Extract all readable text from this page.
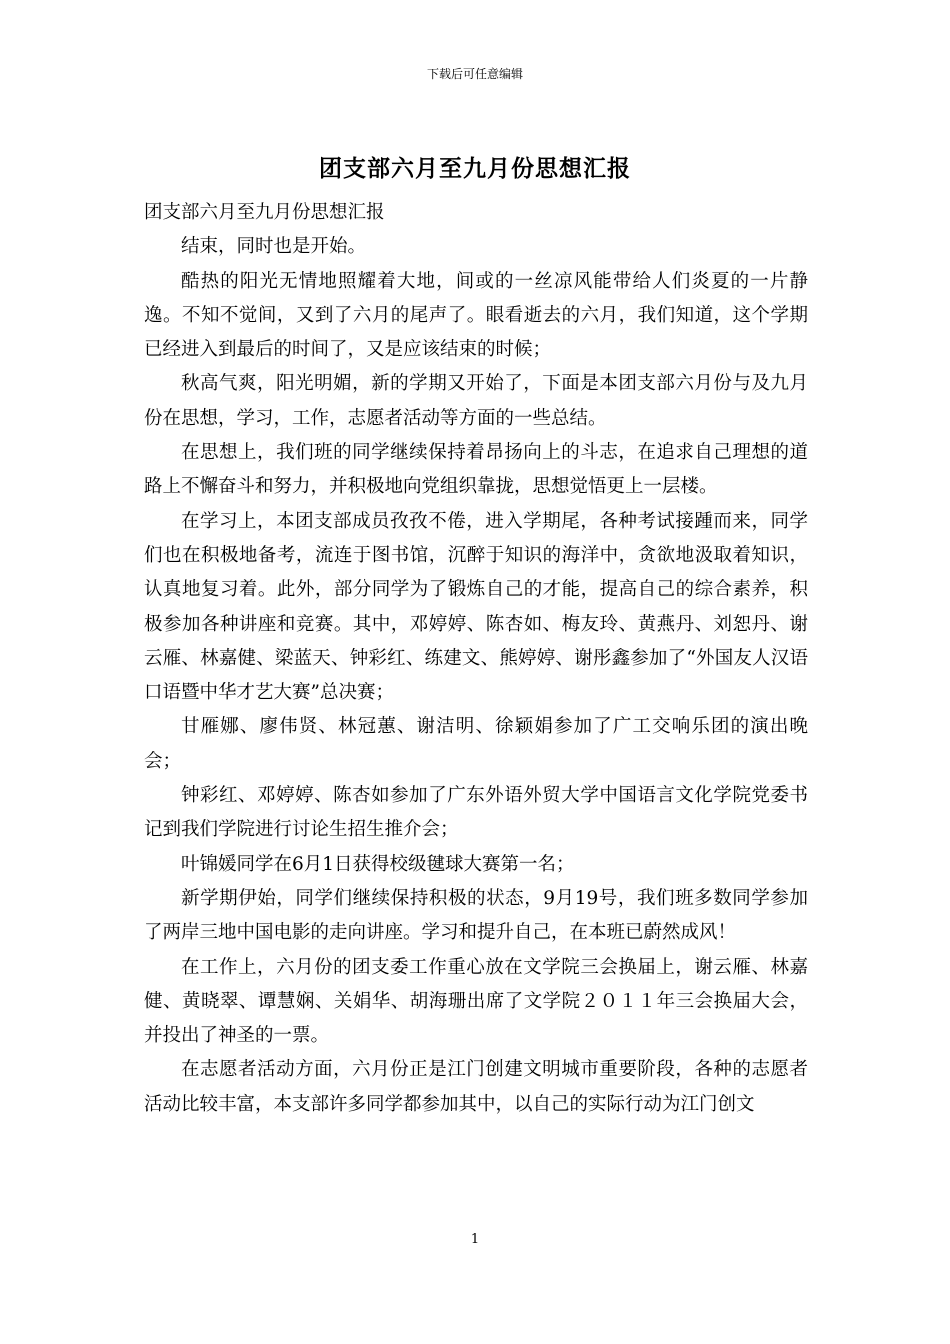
下载后可任意编辑
团支部六月至九月份思想汇报

团支部六月至九月份思想汇报

结束，同时也是开始。

酷热的阳光无情地照耀着大地，间或的一丝凉风能带给人们炎夏的一片静逸。不知不觉间，又到了六月的尾声了。眼看逝去的六月，我们知道，这个学期已经进入到最后的时间了，又是应该结束的时候；

秋高气爽，阳光明媚，新的学期又开始了，下面是本团支部六月份与及九月份在思想，学习，工作，志愿者活动等方面的一些总结。

在思想上，我们班的同学继续保持着昂扬向上的斗志，在追求自己理想的道路上不懈奋斗和努力，并积极地向党组织靠拢，思想觉悟更上一层楼。

在学习上，本团支部成员孜孜不倦，进入学期尾，各种考试接踵而来，同学们也在积极地备考，流连于图书馆，沉醉于知识的海洋中，贪欲地汲取着知识，认真地复习着。此外，部分同学为了锻炼自己的才能，提高自己的综合素养，积极参加各种讲座和竞赛。其中，邓婷婷、陈杏如、梅友玲、黄燕丹、刘恕丹、谢云雁、林嘉健、梁蓝天、钟彩红、练建文、熊婷婷、谢彤鑫参加了“外国友人汉语口语暨中华才艺大赛”总决赛；

甘雁娜、廖伟贤、林冠蕙、谢洁明、徐颖娟参加了广工交响乐团的演出晚会；

钟彩红、邓婷婷、陈杏如参加了广东外语外贸大学中国语言文化学院党委书记到我们学院进行讨论生招生推介会；

叶锦媛同学在6月1日获得校级毽球大赛第一名；

新学期伊始，同学们继续保持积极的状态，9月19号，我们班多数同学参加了两岸三地中国电影的走向讲座。学习和提升自己，在本班已蔚然成风！

在工作上，六月份的团支委工作重心放在文学院三会换届上，谢云雁、林嘉健、黄晓翠、谭慧娴、关娟华、胡海珊出席了文学院２０１１年三会换届大会，并投出了神圣的一票。

在志愿者活动方面，六月份正是江门创建文明城市重要阶段，各种的志愿者活动比较丰富，本支部许多同学都参加其中，以自己的实际行动为江门创文

1
